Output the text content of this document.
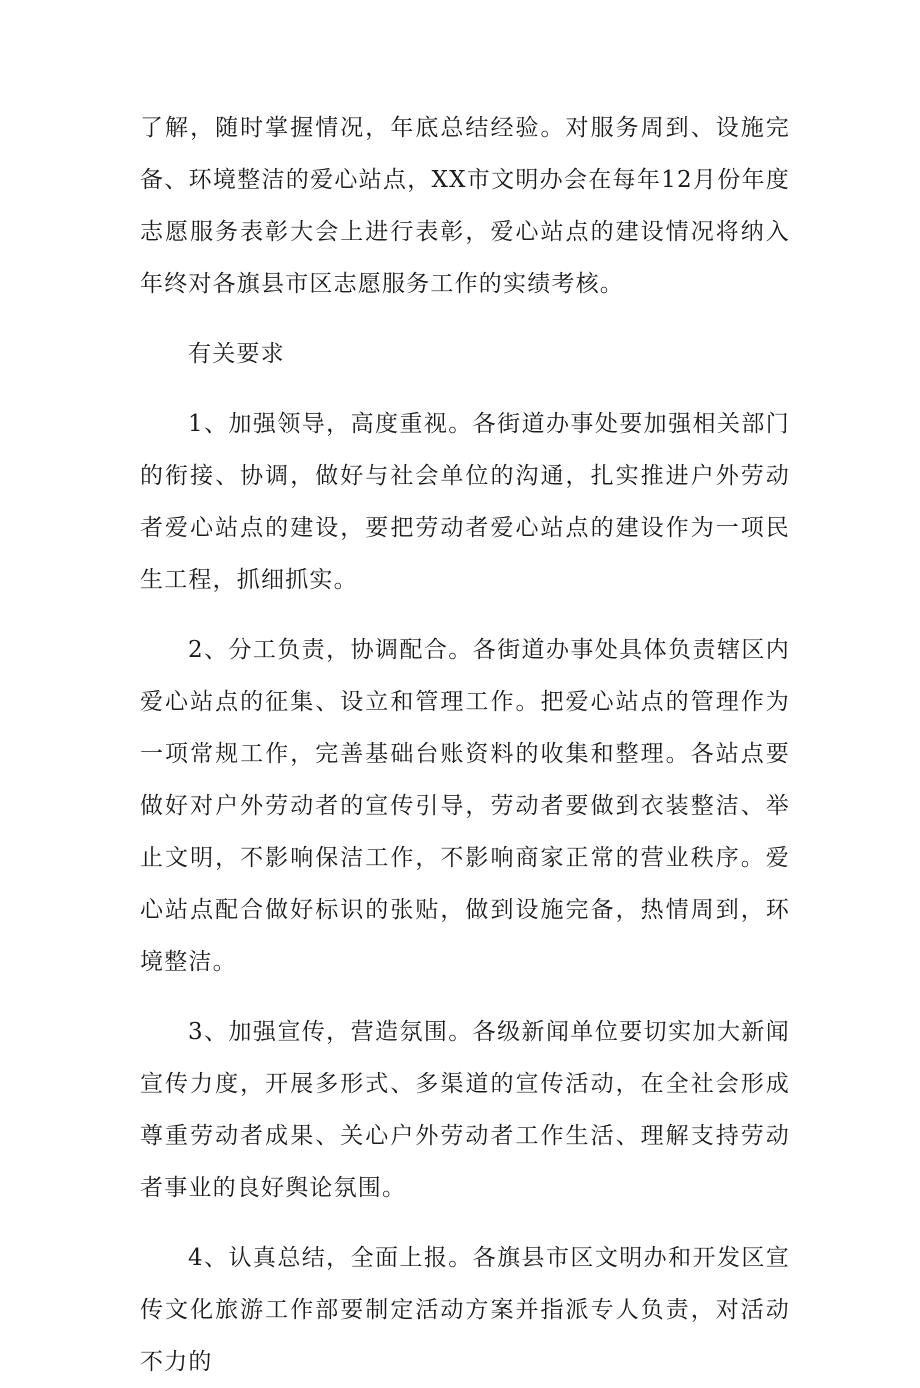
了解，随时掌握情况，年底总结经验。对服务周到、设施完备、环境整洁的爱心站点，XX市文明办会在每年12月份年度志愿服务表彰大会上进行表彰，爱心站点的建设情况将纳入年终对各旗县市区志愿服务工作的实绩考核。

有关要求

1、加强领导，高度重视。各街道办事处要加强相关部门的衔接、协调，做好与社会单位的沟通，扎实推进户外劳动者爱心站点的建设，要把劳动者爱心站点的建设作为一项民生工程，抓细抓实。

2、分工负责，协调配合。各街道办事处具体负责辖区内爱心站点的征集、设立和管理工作。把爱心站点的管理作为一项常规工作，完善基础台账资料的收集和整理。各站点要做好对户外劳动者的宣传引导，劳动者要做到衣装整洁、举止文明，不影响保洁工作，不影响商家正常的营业秩序。爱心站点配合做好标识的张贴，做到设施完备，热情周到，环境整洁。

3、加强宣传，营造氛围。各级新闻单位要切实加大新闻宣传力度，开展多形式、多渠道的宣传活动，在全社会形成尊重劳动者成果、关心户外劳动者工作生活、理解支持劳动者事业的良好舆论氛围。

4、认真总结，全面上报。各旗县市区文明办和开发区宣传文化旅游工作部要制定活动方案并指派专人负责，对活动不力的
